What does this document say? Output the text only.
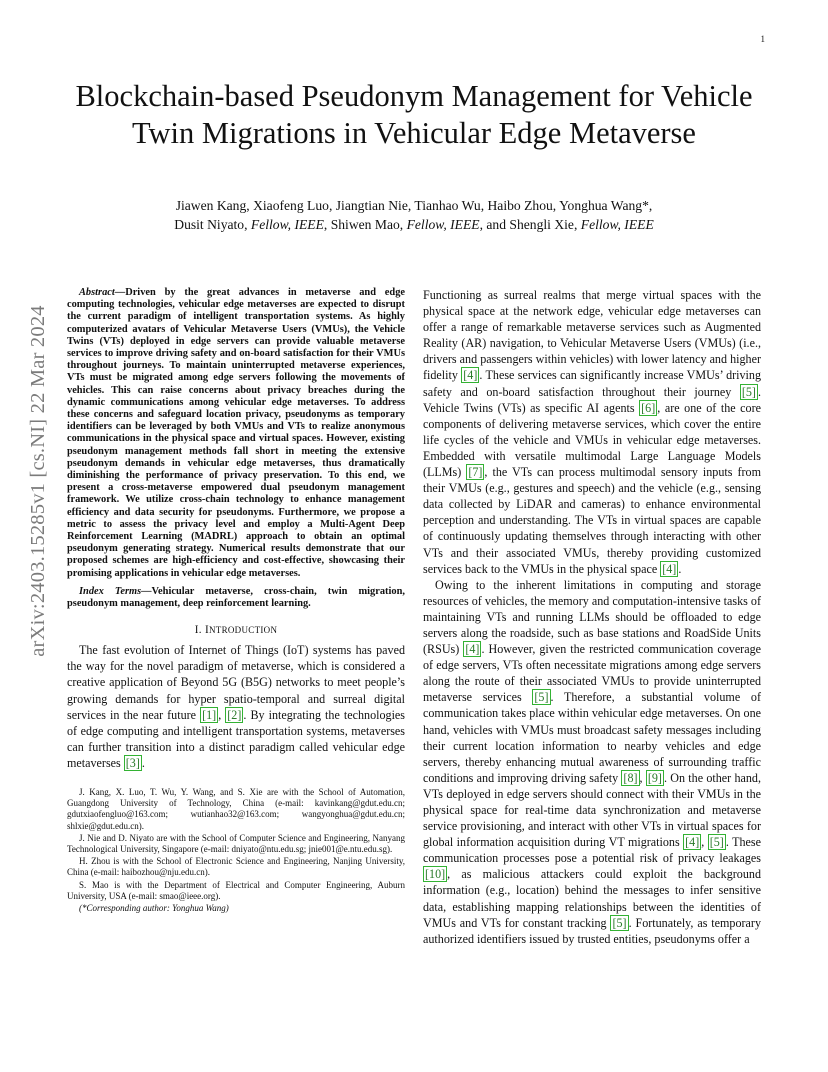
1
Blockchain-based Pseudonym Management for Vehicle Twin Migrations in Vehicular Edge Metaverse
Jiawen Kang, Xiaofeng Luo, Jiangtian Nie, Tianhao Wu, Haibo Zhou, Yonghua Wang*,
Dusit Niyato, Fellow, IEEE, Shiwen Mao, Fellow, IEEE, and Shengli Xie, Fellow, IEEE
arXiv:2403.15285v1 [cs.NI] 22 Mar 2024

Abstract—Driven by the great advances in metaverse and edge computing technologies, vehicular edge metaverses are expected to disrupt the current paradigm of intelligent transportation systems. As highly computerized avatars of Vehicular Metaverse Users (VMUs), the Vehicle Twins (VTs) deployed in edge servers can provide valuable metaverse services to improve driving safety and on-board satisfaction for their VMUs throughout journeys. To maintain uninterrupted metaverse experiences, VTs must be migrated among edge servers following the movements of vehicles. This can raise concerns about privacy breaches during the dynamic communications among vehicular edge metaverses. To address these concerns and safeguard location privacy, pseudonyms as temporary identifiers can be leveraged by both VMUs and VTs to realize anonymous communications in the physical space and virtual spaces. However, existing pseudonym management methods fall short in meeting the extensive pseudonym demands in vehicular edge metaverses, thus dramatically diminishing the performance of privacy preservation. To this end, we present a cross-metaverse empowered dual pseudonym management framework. We utilize cross-chain technology to enhance management efficiency and data security for pseudonyms. Furthermore, we propose a metric to assess the privacy level and employ a Multi-Agent Deep Reinforcement Learning (MADRL) approach to obtain an optimal pseudonym generating strategy. Numerical results demonstrate that our proposed schemes are high-efficiency and cost-effective, showcasing their promising applications in vehicular edge metaverses.

Index Terms—Vehicular metaverse, cross-chain, twin migration, pseudonym management, deep reinforcement learning.

I. INTRODUCTION

The fast evolution of Internet of Things (IoT) systems has paved the way for the novel paradigm of metaverse, which is considered a creative application of Beyond 5G (B5G) networks to meet people’s growing demands for hyper spatio-temporal and surreal digital services in the near future [1] , [2] . By integrating the technologies of edge computing and intelligent transportation systems, metaverses can further transition into a distinct paradigm called vehicular edge metaverses [3] .

J. Kang, X. Luo, T. Wu, Y. Wang, and S. Xie are with the School of Automation, Guangdong University of Technology, China (e-mail: kavinkang@gdut.edu.cn; gdutxiaofengluo@163.com; wutianhao32@163.com; wangyonghua@gdut.edu.cn; shlxie@gdut.edu.cn).

J. Nie and D. Niyato are with the School of Computer Science and Engineering, Nanyang Technological University, Singapore (e-mail: dniyato@ntu.edu.sg; jnie001@e.ntu.edu.sg).

H. Zhou is with the School of Electronic Science and Engineering, Nanjing University, China (e-mail: haibozhou@nju.edu.cn).

S. Mao is with the Department of Electrical and Computer Engineering, Auburn University, USA (e-mail: smao@ieee.org).

(*Corresponding author: Yonghua Wang)

Functioning as surreal realms that merge virtual spaces with the physical space at the network edge, vehicular edge metaverses can offer a range of remarkable metaverse services such as Augmented Reality (AR) navigation, to Vehicular Metaverse Users (VMUs) (i.e., drivers and passengers within vehicles) with lower latency and higher fidelity [4] . These services can significantly increase VMUs’ driving safety and on-board satisfaction throughout their journey [5] . Vehicle Twins (VTs) as specific AI agents [6] , are one of the core components of delivering metaverse services, which cover the entire life cycles of the vehicle and VMUs in vehicular edge metaverses. Embedded with versatile multimodal Large Language Models (LLMs) [7] , the VTs can process multimodal sensory inputs from their VMUs (e.g., gestures and speech) and the vehicle (e.g., sensing data collected by LiDAR and cameras) to enhance environmental perception and understanding. The VTs in virtual spaces are capable of continuously updating themselves through interacting with other VTs and their associated VMUs, thereby providing customized services back to the VMUs in the physical space [4] .

Owing to the inherent limitations in computing and storage resources of vehicles, the memory and computation-intensive tasks of maintaining VTs and running LLMs should be offloaded to edge servers along the roadside, such as base stations and RoadSide Units (RSUs) [4] . However, given the restricted communication coverage of edge servers, VTs often necessitate migrations among edge servers along the route of their associated VMUs to provide uninterrupted metaverse services [5] . Therefore, a substantial volume of communication takes place within vehicular edge metaverses. On one hand, vehicles with VMUs must broadcast safety messages including their current location information to nearby vehicles and edge servers, thereby enhancing mutual awareness of surrounding traffic conditions and improving driving safety [8] , [9] . On the other hand, VTs deployed in edge servers should connect with their VMUs in the physical space for real-time data synchronization and metaverse service provisioning, and interact with other VTs in virtual spaces for global information acquisition during VT migrations [4] , [5] . These communication processes pose a potential risk of privacy leakages [10] , as malicious attackers could exploit the background information (e.g., location) behind the messages to infer sensitive data, establishing mapping relationships between the identities of VMUs and VTs for constant tracking [5] . Fortunately, as temporary authorized identifiers issued by trusted entities, pseudonyms offer a
